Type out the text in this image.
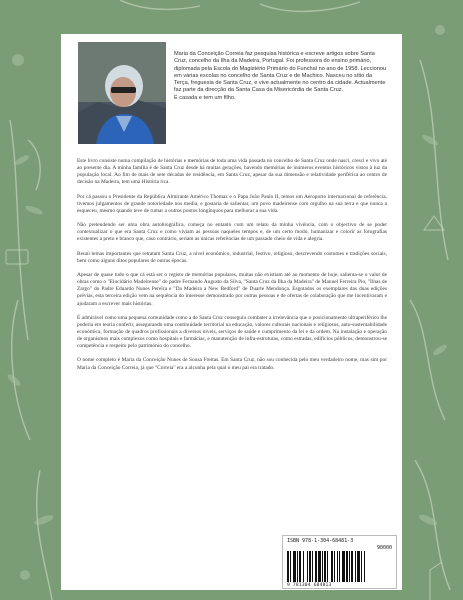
Maria da Conceição Correia faz pesquisa histórica e escreve artigos sobre Santa Cruz, concelho da Ilha da Madeira, Portugal. Foi professora do ensino primário, diplomada pela Escola do Magistério Primário do Funchal no ano de 1958. Leccionou em várias escolas no concelho de Santa Cruz e de Machico. Nasceu no sítio da Terça, freguesia de Santa Cruz, e vive actualmente no centro da cidade. Actualmente faz parte da direcção da Santa Casa da Misericórdia de Santa Cruz.

É casada e tem um filho.

Este livro consiste numa compilação de histórias e memórias de toda uma vida passada no concelho de Santa Cruz onde nasci, cresci e vivo até ao presente dia. A minha família é de Santa Cruz desde há muitas gerações, havendo memórias de inúmeros eventos históricos vistos à luz da população local. Ao fim de mais de sete décadas de residência, em Santa Cruz, apesar da sua dimensão e relatividade periférica ao centro de decisão na Madeira, tem uma História rica.

Por cá passou o Presidente da República Almirante Américo Thomaz e o Papa João Paulo II, temos um Aeroporto internacional de referência, tivemos julgamentos de grande notoriedade nos media, e gostaria de salientar, um povo madeirense com orgulho na sua terra e que nunca a esqueceu, mesmo quando teve de rumar a outros pontos longínquos para melhorar a sua vida.

Não pretendendo ser uma obra autobiográfica, começa no entanto com um relato da minha vivência, com o objectivo de se poder contextualizar o que era Santa Cruz e como viviam as pessoas naqueles tempos e, de um certo modo, humanizar e colorir as fotografias existentes a preto e branco que, caso contrário, seriam as únicas referências de um passado cheio de vida e alegria.

Reuni temas importantes que retratam Santa Cruz, a nível económico, industrial, festivo, religioso, descrevendo costumes e tradições sociais, bem como alguns ditos populares de outras épocas.

Apesar de quase tudo o que cá está ser o registo de memórias populares, muitas não existiam até ao momento de hoje, salienta-se o valor de obras como o "Elucidário Madeirense" do padre Fernando Augusto da Silva, "Santa Cruz da Ilha da Madeira" de Manuel Ferreira Pio, "Ilhas de Zargo" do Padre Eduardo Nunes Pereira e "Da Madeira a New Bedford" de Duarte Mendonça. Esgotados os exemplares das duas edições prévias, esta terceira edição vem na sequência do interesse demonstrado por outras pessoas e de ofertas de colaboração que me incentivaram e ajudaram a escrever mais histórias.

É admirável como uma pequena comunidade como a de Santa Cruz conseguiu combater a irrelevância que o posicionamento ultraperiférico lhe poderia em teoria conferir, assegurando uma continuidade territorial na educação, valores culturais nacionais e religiosos, auto-sustentabilidade económica, formação de quadros profissionais a diversos níveis, serviços de saúde e cumprimento da lei e da ordem. Na instalação e operação de organismos mais complexos como hospitais e farmácias, e manutenção de infra-estruturas, como estradas, edifícios públicos, demonstrou-se competência e respeito pelo património do concelho.

O nome completo é Maria da Conceição Nunes de Sousa Freitas. Em Santa Cruz, não sou conhecida pelo meu verdadeiro nome, mas sim por Maria da Conceição Correia, já que "Correia" era a alcunha pela qual o meu pai era tratado.

ISBN 978-1-304-68481-3
90000
9 781304 684813
